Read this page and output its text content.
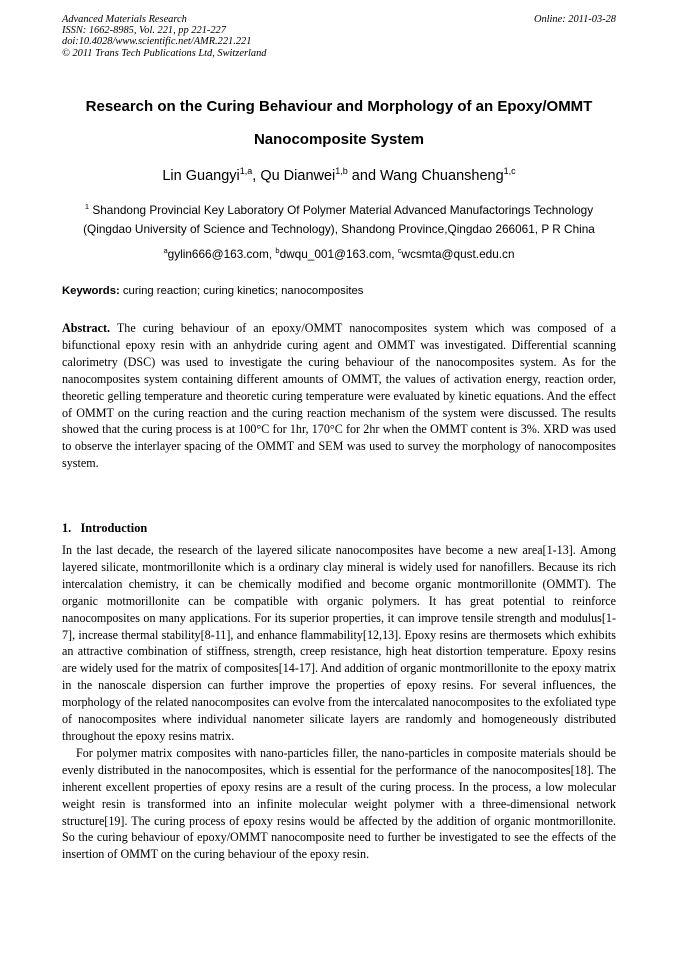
Advanced Materials Research
ISSN: 1662-8985, Vol. 221, pp 221-227
doi:10.4028/www.scientific.net/AMR.221.221
© 2011 Trans Tech Publications Ltd, Switzerland
Online: 2011-03-28
Research on the Curing Behaviour and Morphology of an Epoxy/OMMT
Nanocomposite System
Lin Guangyi$^{1,a}$, Qu Dianwei$^{1,b}$ and Wang Chuansheng$^{1,c}$
$^1$ Shandong Provincial Key Laboratory Of Polymer Material Advanced Manufactorings Technology
(Qingdao University of Science and Technology), Shandong Province,Qingdao 266061, P R China
$^a$gylin666@163.com, $^b$dwqu_001@163.com, $^c$wcsmta@qust.edu.cn
Keywords: curing reaction; curing kinetics; nanocomposites
Abstract. The curing behaviour of an epoxy/OMMT nanocomposites system which was composed of a bifunctional epoxy resin with an anhydride curing agent and OMMT was investigated. Differential scanning calorimetry (DSC) was used to investigate the curing behaviour of the nanocomposites system. As for the nanocomposites system containing different amounts of OMMT, the values of activation energy, reaction order, theoretic gelling temperature and theoretic curing temperature were evaluated by kinetic equations. And the effect of OMMT on the curing reaction and the curing reaction mechanism of the system were discussed. The results showed that the curing process is at 100°C for 1hr, 170°C for 2hr when the OMMT content is 3%. XRD was used to observe the interlayer spacing of the OMMT and SEM was used to survey the morphology of nanocomposites system.
1.   Introduction

In the last decade, the research of the layered silicate nanocomposites have become a new area[1-13]. Among layered silicate, montmorillonite which is a ordinary clay mineral is widely used for nanofillers. Because its rich intercalation chemistry, it can be chemically modified and become organic montmorillonite (OMMT). The organic motmorillonite can be compatible with organic polymers. It has great potential to reinforce nanocomposites on many applications. For its superior properties, it can improve tensile strength and modulus[1-7], increase thermal stability[8-11], and enhance flammability[12,13]. Epoxy resins are thermosets which exhibits an attractive combination of stiffness, strength, creep resistance, high heat distortion temperature. Epoxy resins are widely used for the matrix of composites[14-17]. And addition of organic montmorillonite to the epoxy matrix in the nanoscale dispersion can further improve the properties of epoxy resins. For several influences, the morphology of the related nanocomposites can evolve from the intercalated nanocomposites to the exfoliated type of nanocomposites where individual nanometer silicate layers are randomly and homogeneously distributed throughout the epoxy resins matrix.

For polymer matrix composites with nano-particles filler, the nano-particles in composite materials should be evenly distributed in the nanocomposites, which is essential for the performance of the nanocomposites[18]. The inherent excellent properties of epoxy resins are a result of the curing process. In the process, a low molecular weight resin is transformed into an infinite molecular weight polymer with a three-dimensional network structure[19]. The curing process of epoxy resins would be affected by the addition of organic montmorillonite. So the curing behaviour of epoxy/OMMT nanocomposite need to further be investigated to see the effects of the insertion of OMMT on the curing behaviour of the epoxy resin.
